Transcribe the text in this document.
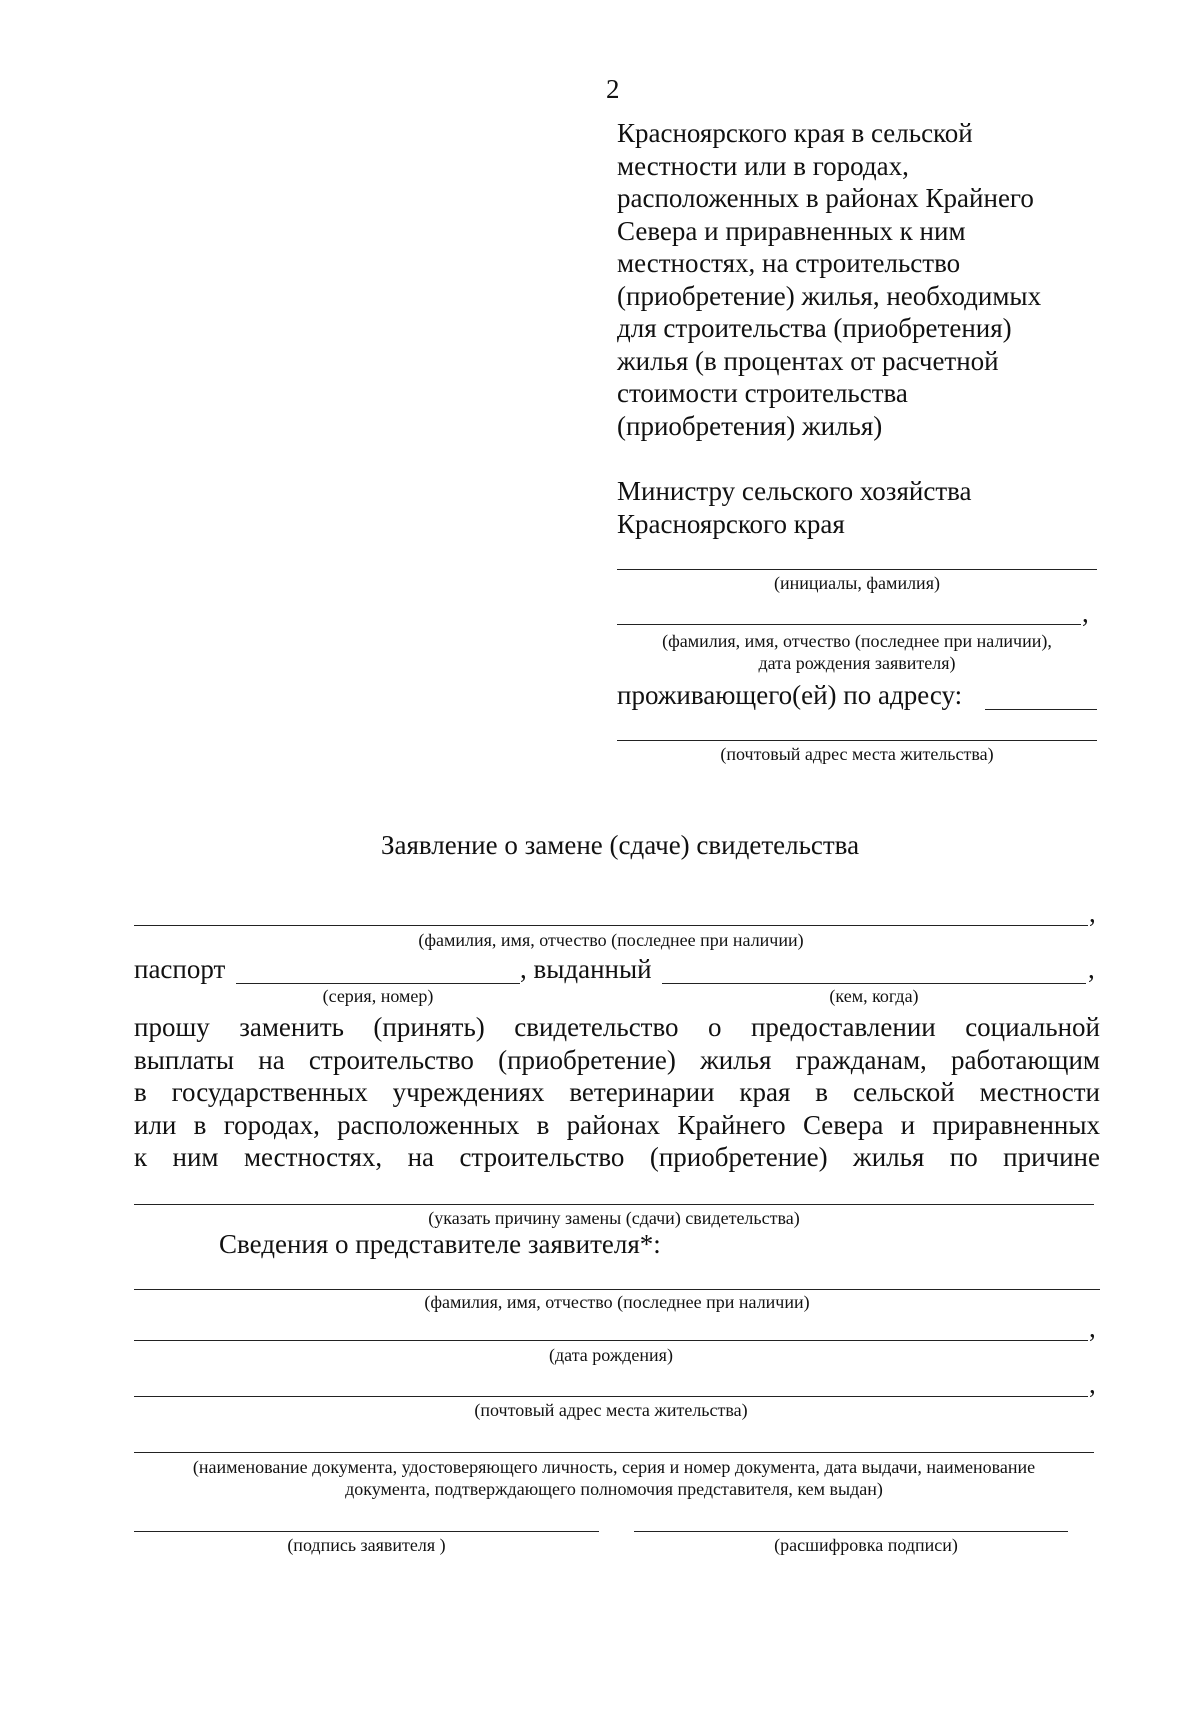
2
Красноярского края в сельской
местности или в городах,
расположенных в районах Крайнего
Севера и приравненных к ним
местностях, на строительство
(приобретение) жилья, необходимых
для строительства (приобретения)
жилья (в процентах от расчетной
стоимости строительства
(приобретения) жилья)
Министру сельского хозяйства
Красноярского края
(инициалы, фамилия)
,
(фамилия, имя, отчество (последнее при наличии),
дата рождения заявителя)
проживающего(ей) по адресу:
(почтовый адрес места жительства)
Заявление о замене (сдаче) свидетельства
,
(фамилия, имя, отчество (последнее при наличии)
паспорт	, выданный	,
(серия, номер)	(кем, когда)
прошу заменить (принять) свидетельство о предоставлении социальной
выплаты на строительство (приобретение) жилья гражданам, работающим
в государственных учреждениях ветеринарии края в сельской местности
или в городах, расположенных в районах Крайнего Севера и приравненных
к ним местностях, на строительство (приобретение) жилья по причине
(указать причину замены (сдачи) свидетельства)
Сведения о представителе заявителя*:
(фамилия, имя, отчество (последнее при наличии)
,
(дата рождения)
,
(почтовый адрес места жительства)
(наименование документа, удостоверяющего личность, серия и номер документа, дата выдачи, наименование
документа, подтверждающего полномочия представителя, кем выдан)
(подпись заявителя )	(расшифровка подписи)
